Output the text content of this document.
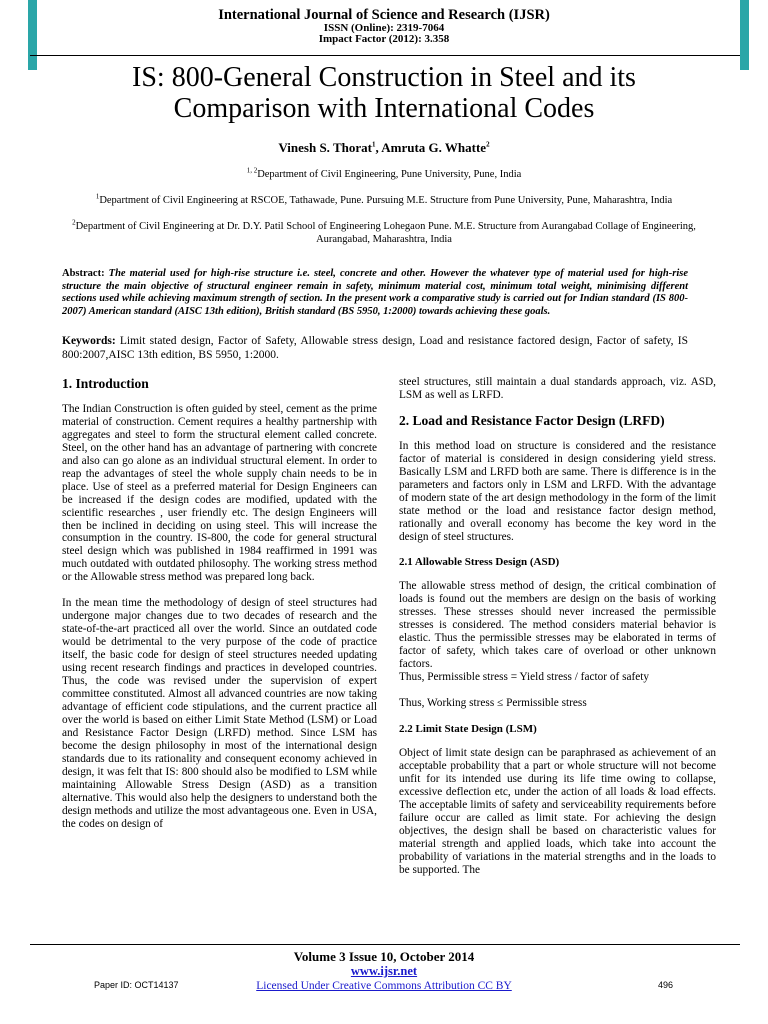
International Journal of Science and Research (IJSR)
ISSN (Online): 2319-7064
Impact Factor (2012): 3.358
IS: 800-General Construction in Steel and its
Comparison with International Codes
Vinesh S. Thorat$^1$, Amruta G. Whatte$^2$
$^{1, 2}$Department of Civil Engineering, Pune University, Pune, India
$^1$Department of Civil Engineering at RSCOE, Tathawade, Pune. Pursuing M.E. Structure from Pune University, Pune, Maharashtra, India
$^2$Department of Civil Engineering at Dr. D.Y. Patil School of Engineering Lohegaon Pune. M.E. Structure from Aurangabad Collage of Engineering, Aurangabad, Maharashtra, India
Abstract: The material used for high-rise structure i.e. steel, concrete and other. However the whatever type of material used for high-rise structure the main objective of structural engineer remain in safety, minimum material cost, minimum total weight, minimising different sections used while achieving maximum strength of section. In the present work a comparative study is carried out for Indian standard (IS 800-2007) American standard (AISC 13th edition), British standard (BS 5950, 1:2000) towards achieving these goals.
Keywords: Limit stated design, Factor of Safety, Allowable stress design, Load and resistance factored design, Factor of safety, IS 800:2007,AISC 13th edition, BS 5950, 1:2000.
1. Introduction

The Indian Construction is often guided by steel, cement as the prime material of construction. Cement requires a healthy partnership with aggregates and steel to form the structural element called concrete. Steel, on the other hand has an advantage of partnering with concrete and also can go alone as an individual structural element. In order to reap the advantages of steel the whole supply chain needs to be in place. Use of steel as a preferred material for Design Engineers can be increased if the design codes are modified, updated with the scientific researches , user friendly etc. The design Engineers will then be inclined in deciding on using steel. This will increase the consumption in the country. IS-800, the code for general structural steel design which was published in 1984 reaffirmed in 1991 was much outdated with outdated philosophy. The working stress method or the Allowable stress method was prepared long back.

In the mean time the methodology of design of steel structures had undergone major changes due to two decades of research and the state-of-the-art practiced all over the world. Since an outdated code would be detrimental to the very purpose of the code of practice itself, the basic code for design of steel structures needed updating using recent research findings and practices in developed countries. Thus, the code was revised under the supervision of expert committee constituted. Almost all advanced countries are now taking advantage of efficient code stipulations, and the current practice all over the world is based on either Limit State Method (LSM) or Load and Resistance Factor Design (LRFD) method. Since LSM has become the design philosophy in most of the international design standards due to its rationality and consequent economy achieved in design, it was felt that IS: 800 should also be modified to LSM while maintaining Allowable Stress Design (ASD) as a transition alternative. This would also help the designers to understand both the design methods and utilize the most advantageous one. Even in USA, the codes on design of

steel structures, still maintain a dual standards approach, viz. ASD, LSM as well as LRFD.

2. Load and Resistance Factor Design (LRFD)

In this method load on structure is considered and the resistance factor of material is considered in design considering yield stress. Basically LSM and LRFD both are same. There is difference is in the parameters and factors only in LSM and LRFD. With the advantage of modern state of the art design methodology in the form of the limit state method or the load and resistance factor design method, rationally and overall economy has become the key word in the design of steel structures.

2.1 Allowable Stress Design (ASD)

The allowable stress method of design, the critical combination of loads is found out the members are design on the basis of working stresses. These stresses should never increased the permissible stresses is considered. The method considers material behavior is elastic. Thus the permissible stresses may be elaborated in terms of factor of safety, which takes care of overload or other unknown factors.

Thus, Permissible stress = Yield stress / factor of safety

Thus, Working stress ≤ Permissible stress

2.2 Limit State Design (LSM)

Object of limit state design can be paraphrased as achievement of an acceptable probability that a part or whole structure will not become unfit for its intended use during its life time owing to collapse, excessive deflection etc, under the action of all loads & load effects. The acceptable limits of safety and serviceability requirements before failure occur are called as limit state. For achieving the design objectives, the design shall be based on characteristic values for material strength and applied loads, which take into account the probability of variations in the material strengths and in the loads to be supported. The

Volume 3 Issue 10, October 2014
www.ijsr.net
Licensed Under Creative Commons Attribution CC BY
Paper ID: OCT14137	496
